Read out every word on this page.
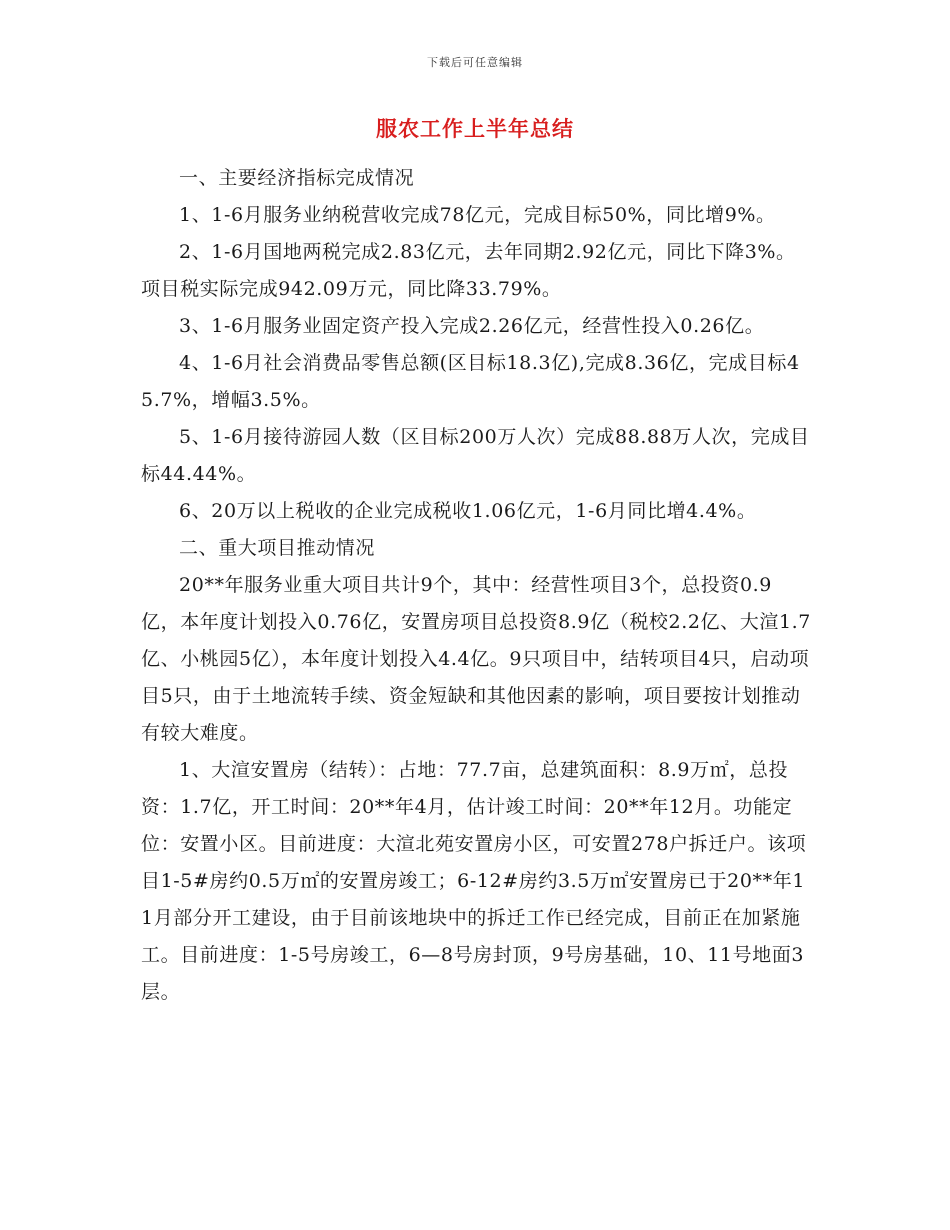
下载后可任意编辑
服农工作上半年总结

一、主要经济指标完成情况

1、1-6月服务业纳税营收完成78亿元，完成目标50%，同比增9%。

2、1-6月国地两税完成2.83亿元，去年同期2.92亿元，同比下降3%。项目税实际完成942.09万元，同比降33.79%。

3、1-6月服务业固定资产投入完成2.26亿元，经营性投入0.26亿。

4、1-6月社会消费品零售总额(区目标18.3亿),完成8.36亿，完成目标45.7%，增幅3.5%。

5、1-6月接待游园人数（区目标200万人次）完成88.88万人次，完成目标44.44%。

6、20万以上税收的企业完成税收1.06亿元，1-6月同比增4.4%。

二、重大项目推动情况

20**年服务业重大项目共计9个，其中：经营性项目3个，总投资0.9亿，本年度计划投入0.76亿，安置房项目总投资8.9亿（税校2.2亿、大渲1.7亿、小桃园5亿），本年度计划投入4.4亿。9只项目中，结转项目4只，启动项目5只，由于土地流转手续、资金短缺和其他因素的影响，项目要按计划推动有较大难度。

1、大渲安置房（结转）：占地：77.7亩，总建筑面积：8.9万㎡，总投资：1.7亿，开工时间：20**年4月，估计竣工时间：20**年12月。功能定位：安置小区。目前进度：大渲北苑安置房小区，可安置278户拆迁户。该项目1-5#房约0.5万㎡的安置房竣工；6-12#房约3.5万㎡安置房已于20**年11月部分开工建设，由于目前该地块中的拆迁工作已经完成，目前正在加紧施工。目前进度：1-5号房竣工，6—8号房封顶，9号房基础，10、11号地面3层。
